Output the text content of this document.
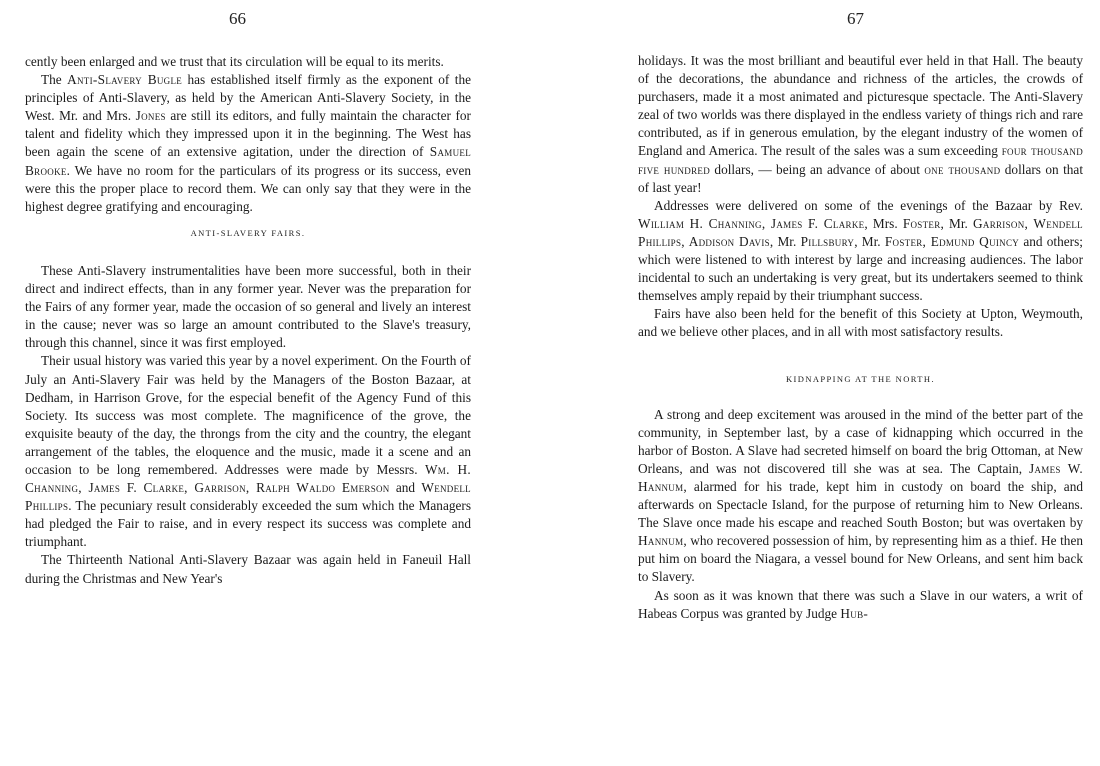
66

cently been enlarged and we trust that its circulation will be equal to its merits.

The Anti-Slavery Bugle has established itself firmly as the exponent of the principles of Anti-Slavery, as held by the American Anti-Slavery Society, in the West. Mr. and Mrs. Jones are still its editors, and fully maintain the character for talent and fidelity which they impressed upon it in the beginning. The West has been again the scene of an extensive agitation, under the direction of Samuel Brooke. We have no room for the particulars of its progress or its success, even were this the proper place to record them. We can only say that they were in the highest degree gratifying and encouraging.

ANTI-SLAVERY FAIRS.

These Anti-Slavery instrumentalities have been more successful, both in their direct and indirect effects, than in any former year. Never was the preparation for the Fairs of any former year, made the occasion of so general and lively an interest in the cause; never was so large an amount contributed to the Slave's treasury, through this channel, since it was first employed.

Their usual history was varied this year by a novel experiment. On the Fourth of July an Anti-Slavery Fair was held by the Managers of the Boston Bazaar, at Dedham, in Harrison Grove, for the especial benefit of the Agency Fund of this Society. Its success was most complete. The magnificence of the grove, the exquisite beauty of the day, the throngs from the city and the country, the elegant arrangement of the tables, the eloquence and the music, made it a scene and an occasion to be long remembered. Addresses were made by Messrs. Wm. H. Channing, James F. Clarke, Garrison, Ralph Waldo Emerson and Wendell Phillips. The pecuniary result considerably exceeded the sum which the Managers had pledged the Fair to raise, and in every respect its success was complete and triumphant.

The Thirteenth National Anti-Slavery Bazaar was again held in Faneuil Hall during the Christmas and New Year's

67

holidays. It was the most brilliant and beautiful ever held in that Hall. The beauty of the decorations, the abundance and richness of the articles, the crowds of purchasers, made it a most animated and picturesque spectacle. The Anti-Slavery zeal of two worlds was there displayed in the endless variety of things rich and rare contributed, as if in generous emulation, by the elegant industry of the women of England and America. The result of the sales was a sum exceeding four thousand five hundred dollars, — being an advance of about one thousand dollars on that of last year!

Addresses were delivered on some of the evenings of the Bazaar by Rev. William H. Channing, James F. Clarke, Mrs. Foster, Mr. Garrison, Wendell Phillips, Addison Davis, Mr. Pillsbury, Mr. Foster, Edmund Quincy and others; which were listened to with interest by large and increasing audiences. The labor incidental to such an undertaking is very great, but its undertakers seemed to think themselves amply repaid by their triumphant success.

Fairs have also been held for the benefit of this Society at Upton, Weymouth, and we believe other places, and in all with most satisfactory results.

KIDNAPPING AT THE NORTH.

A strong and deep excitement was aroused in the mind of the better part of the community, in September last, by a case of kidnapping which occurred in the harbor of Boston. A Slave had secreted himself on board the brig Ottoman, at New Orleans, and was not discovered till she was at sea. The Captain, James W. Hannum, alarmed for his trade, kept him in custody on board the ship, and afterwards on Spectacle Island, for the purpose of returning him to New Orleans. The Slave once made his escape and reached South Boston; but was overtaken by Hannum, who recovered possession of him, by representing him as a thief. He then put him on board the Niagara, a vessel bound for New Orleans, and sent him back to Slavery.

As soon as it was known that there was such a Slave in our waters, a writ of Habeas Corpus was granted by Judge Hub-
